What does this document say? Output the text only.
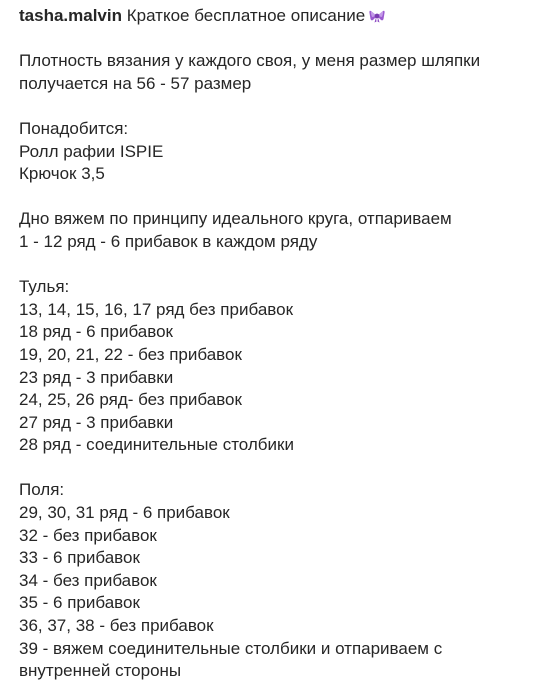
tasha.malvin Краткое бесплатное описание
Плотность вязания у каждого своя, у меня размер шляпки
получается на 56 - 57 размер
Понадобится:
Ролл рафии ISPIE
Крючок 3,5
Дно вяжем по принципу идеального круга, отпариваем
1 - 12 ряд - 6 прибавок в каждом ряду
Тулья:
13, 14, 15, 16, 17 ряд без прибавок
18 ряд - 6 прибавок
19, 20, 21, 22 - без прибавок
23 ряд - 3 прибавки
24, 25, 26 ряд- без прибавок
27 ряд - 3 прибавки
28 ряд - соединительные столбики
Поля:
29, 30, 31 ряд - 6 прибавок
32 - без прибавок
33 - 6 прибавок
34 - без прибавок
35 - 6 прибавок
36, 37, 38 - без прибавок
39 - вяжем соединительные столбики и отпариваем с
внутренней стороны
